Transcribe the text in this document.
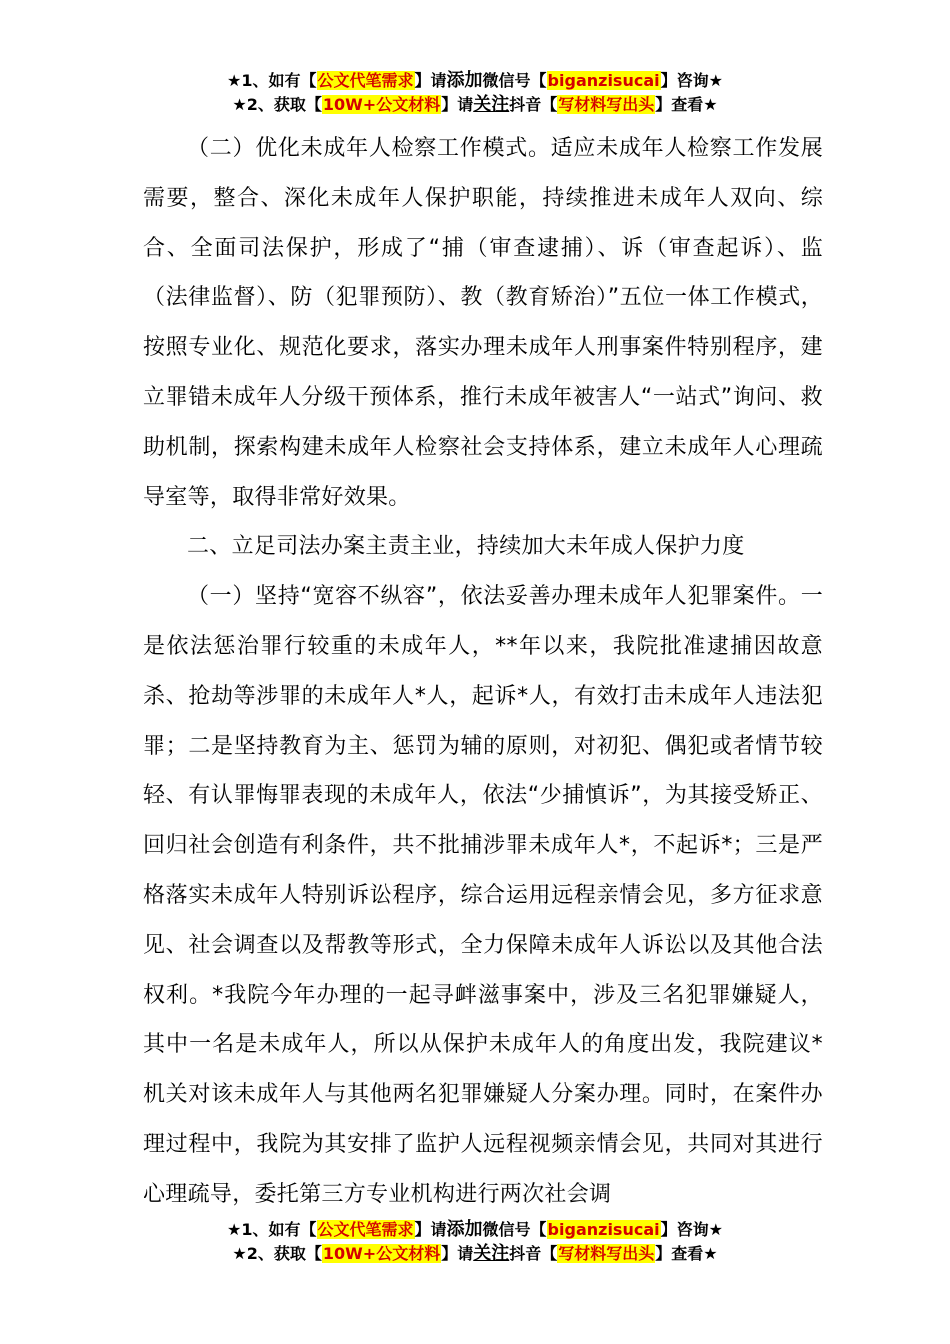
★1、如有【公文代笔需求】请添加微信号【biganzisucai】咨询★
★2、获取【10W+公文材料】请关注抖音【写材料写出头】查看★

（二）优化未成年人检察工作模式。适应未成年人检察工作发展需要，整合、深化未成年人保护职能，持续推进未成年人双向、综合、全面司法保护，形成了“捕（审查逮捕）、诉（审查起诉）、监（法律监督）、防（犯罪预防）、教（教育矫治）”五位一体工作模式，按照专业化、规范化要求，落实办理未成年人刑事案件特别程序，建立罪错未成年人分级干预体系，推行未成年被害人“一站式”询问、救助机制，探索构建未成年人检察社会支持体系，建立未成年人心理疏导室等，取得非常好效果。

二、立足司法办案主责主业，持续加大未年成人保护力度

（一）坚持“宽容不纵容”，依法妥善办理未成年人犯罪案件。一是依法惩治罪行较重的未成年人，**年以来，我院批准逮捕因故意杀、抢劫等涉罪的未成年人*人，起诉*人，有效打击未成年人违法犯罪；二是坚持教育为主、惩罚为辅的原则，对初犯、偶犯或者情节较轻、有认罪悔罪表现的未成年人，依法“少捕慎诉”，为其接受矫正、回归社会创造有利条件，共不批捕涉罪未成年人*，不起诉*；三是严格落实未成年人特别诉讼程序，综合运用远程亲情会见，多方征求意见、社会调查以及帮教等形式，全力保障未成年人诉讼以及其他合法权利。*我院今年办理的一起寻衅滋事案中，涉及三名犯罪嫌疑人，其中一名是未成年人，所以从保护未成年人的角度出发，我院建议*机关对该未成年人与其他两名犯罪嫌疑人分案办理。同时，在案件办理过程中，我院为其安排了监护人远程视频亲情会见，共同对其进行心理疏导，委托第三方专业机构进行两次社会调

★1、如有【公文代笔需求】请添加微信号【biganzisucai】咨询★
★2、获取【10W+公文材料】请关注抖音【写材料写出头】查看★
